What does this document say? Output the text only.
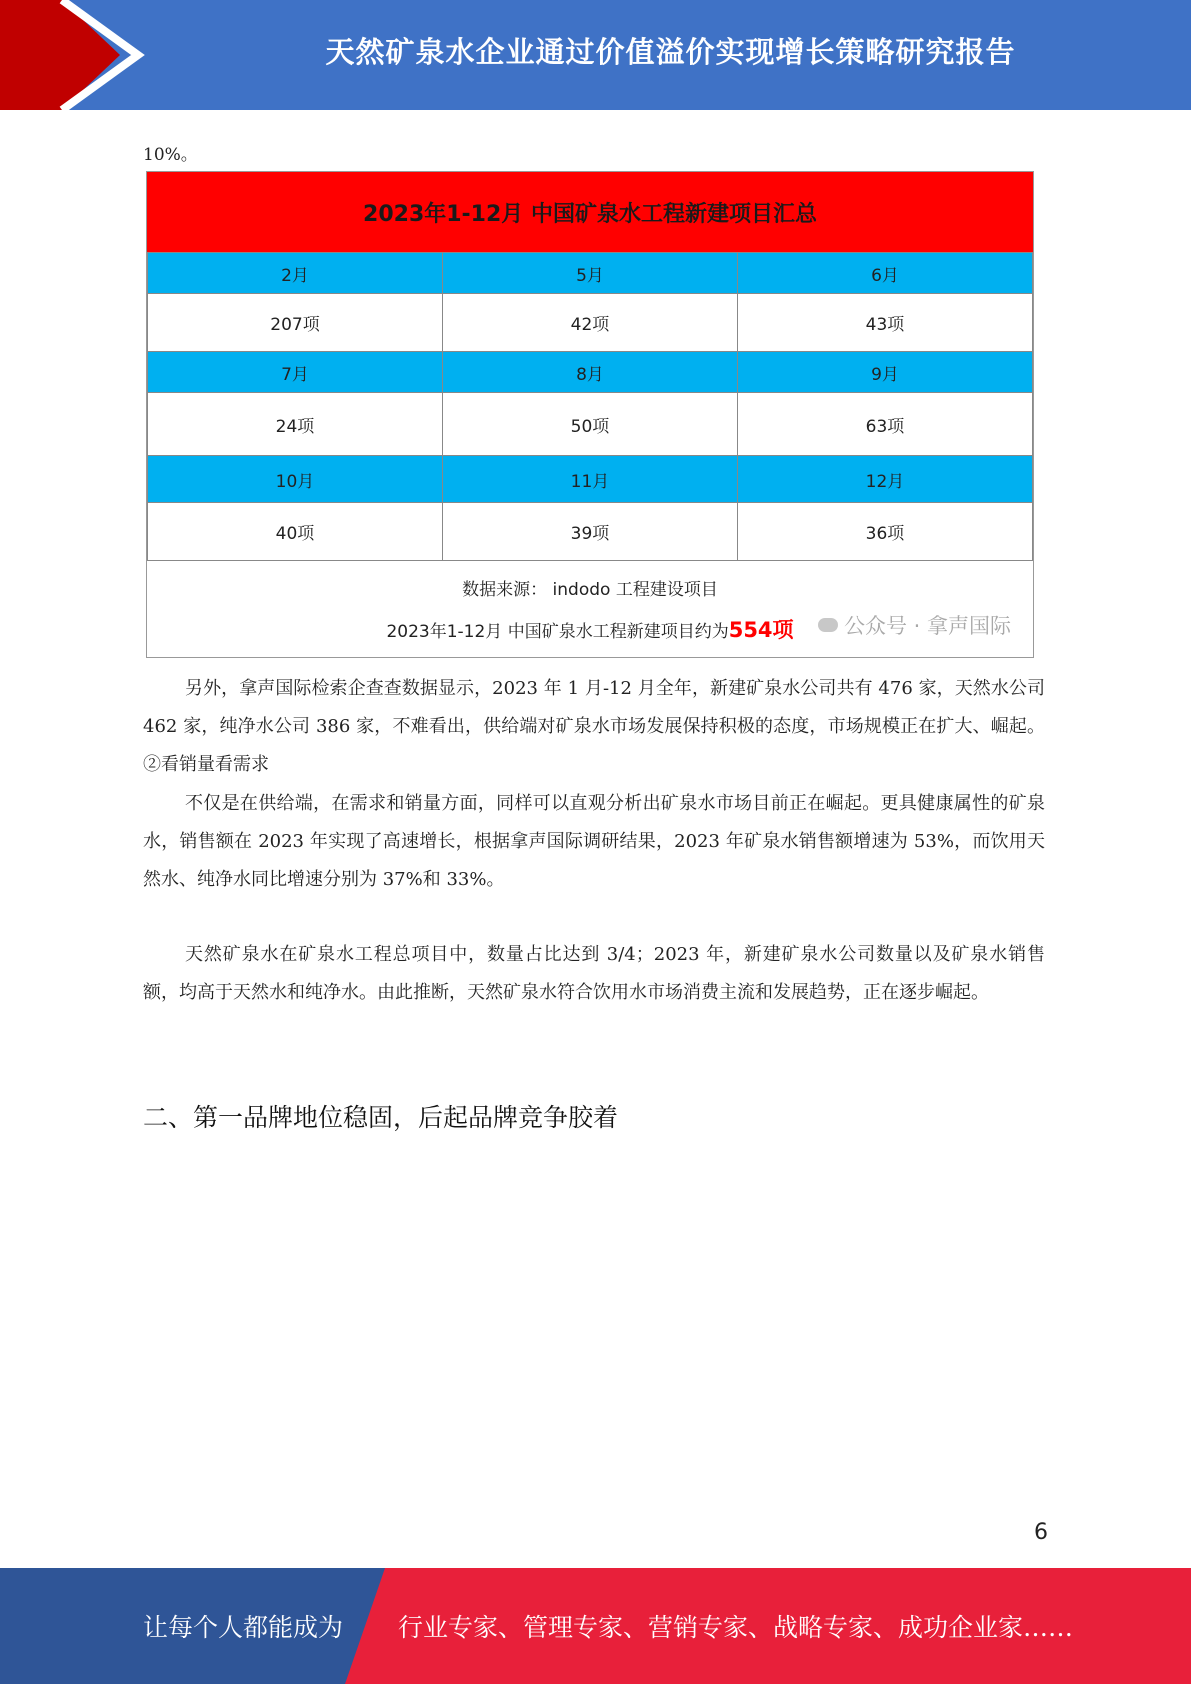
天然矿泉水企业通过价值溢价实现增长策略研究报告
10%。
2023年1-12月 中国矿泉水工程新建项目汇总
2月	5月	6月
207项	42项	43项
7月	8月	9月
24项	50项	63项
10月	11月	12月
40项	39项	36项
数据来源： indodo 工程建设项目
2023年1-12月 中国矿泉水工程新建项目约为554项 公众号 · 拿声国际

另外，拿声国际检索企查查数据显示，2023 年 1 月-12 月全年，新建矿泉水公司共有 476 家，天然水公司 462 家，纯净水公司 386 家，不难看出，供给端对矿泉水市场发展保持积极的态度，市场规模正在扩大、崛起。②看销量看需求

不仅是在供给端，在需求和销量方面，同样可以直观分析出矿泉水市场目前正在崛起。更具健康属性的矿泉水，销售额在 2023 年实现了高速增长，根据拿声国际调研结果，2023 年矿泉水销售额增速为 53%，而饮用天然水、纯净水同比增速分别为 37%和 33%。

天然矿泉水在矿泉水工程总项目中，数量占比达到 3/4；2023 年，新建矿泉水公司数量以及矿泉水销售额，均高于天然水和纯净水。由此推断，天然矿泉水符合饮用水市场消费主流和发展趋势，正在逐步崛起。

二、第一品牌地位稳固，后起品牌竞争胶着
6
让每个人都能成为 行业专家、管理专家、营销专家、战略专家、成功企业家……
